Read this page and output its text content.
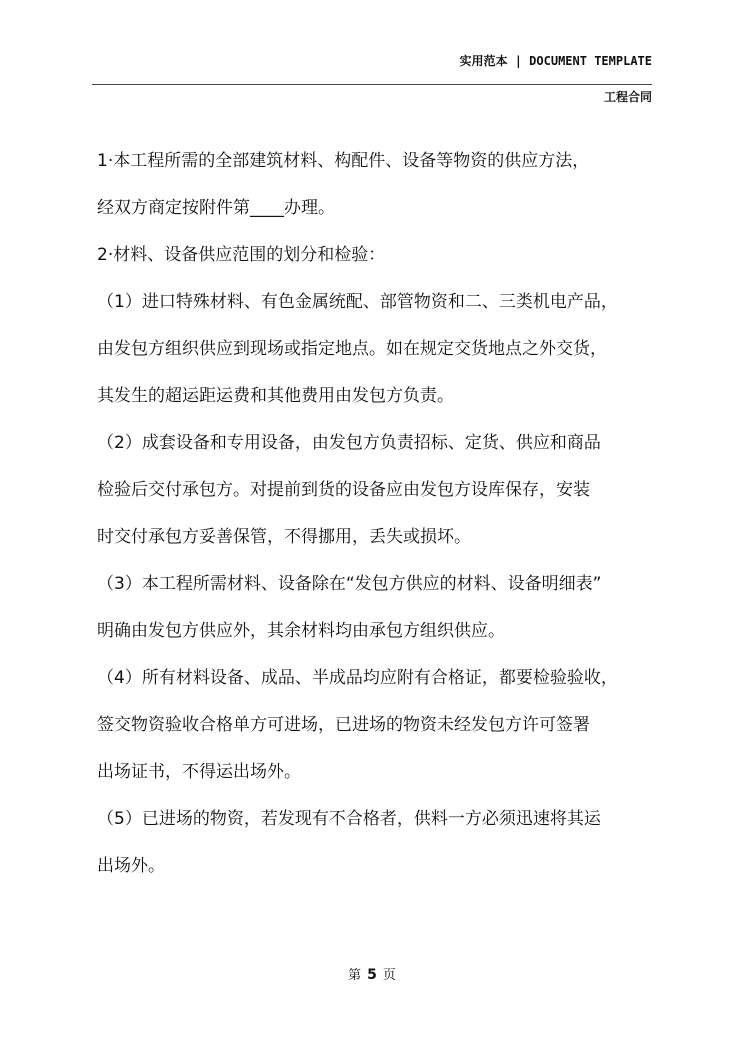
实用范本 | DOCUMENT TEMPLATE
工程合同
1·本工程所需的全部建筑材料、构配件、设备等物资的供应方法，
经双方商定按附件第____办理。
2·材料、设备供应范围的划分和检验：
（1）进口特殊材料、有色金属统配、部管物资和二、三类机电产品，
由发包方组织供应到现场或指定地点。如在规定交货地点之外交货，
其发生的超运距运费和其他费用由发包方负责。
（2）成套设备和专用设备，由发包方负责招标、定货、供应和商品
检验后交付承包方。对提前到货的设备应由发包方设库保存，安装
时交付承包方妥善保管，不得挪用，丢失或损坏。
（3）本工程所需材料、设备除在“发包方供应的材料、设备明细表”
明确由发包方供应外，其余材料均由承包方组织供应。
（4）所有材料设备、成品、半成品均应附有合格证，都要检验验收，
签交物资验收合格单方可进场，已进场的物资未经发包方许可签署
出场证书，不得运出场外。
（5）已进场的物资，若发现有不合格者，供料一方必须迅速将其运
出场外。
第 5 页
